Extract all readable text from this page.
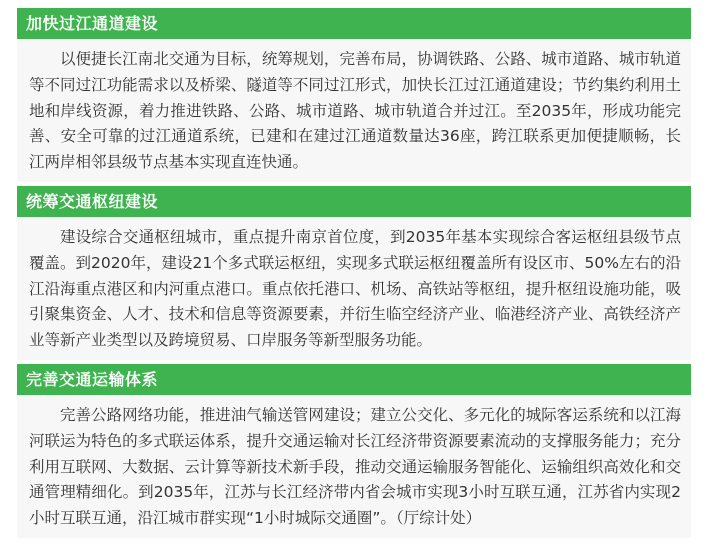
加快过江通道建设
以便捷长江南北交通为目标，统筹规划，完善布局，协调铁路、公路、城市道路、城市轨道等不同过江功能需求以及桥梁、隧道等不同过江形式，加快长江过江通道建设；节约集约利用土地和岸线资源，着力推进铁路、公路、城市道路、城市轨道合并过江。至2035年，形成功能完善、安全可靠的过江通道系统，已建和在建过江通道数量达36座，跨江联系更加便捷顺畅，长江两岸相邻县级节点基本实现直连快通。
统筹交通枢纽建设
建设综合交通枢纽城市，重点提升南京首位度，到2035年基本实现综合客运枢纽县级节点覆盖。到2020年，建设21个多式联运枢纽，实现多式联运枢纽覆盖所有设区市、50%左右的沿江沿海重点港区和内河重点港口。重点依托港口、机场、高铁站等枢纽，提升枢纽设施功能，吸引聚集资金、人才、技术和信息等资源要素，并衍生临空经济产业、临港经济产业、高铁经济产业等新产业类型以及跨境贸易、口岸服务等新型服务功能。
完善交通运输体系
完善公路网络功能，推进油气输送管网建设；建立公交化、多元化的城际客运系统和以江海河联运为特色的多式联运体系，提升交通运输对长江经济带资源要素流动的支撑服务能力；充分利用互联网、大数据、云计算等新技术新手段，推动交通运输服务智能化、运输组织高效化和交通管理精细化。到2035年，江苏与长江经济带内省会城市实现3小时互联互通，江苏省内实现2小时互联互通，沿江城市群实现“1小时城际交通圈”。（厅综计处）
